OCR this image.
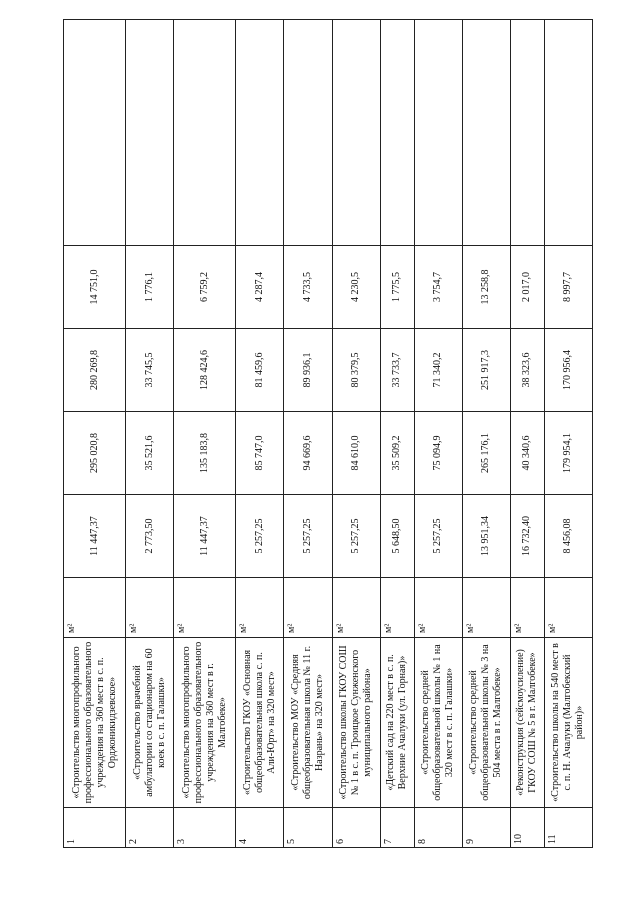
1	«Строительство многопрофильного профессионального образовательного учреждения на 360 мест в с. п. Орджоникидзевское»	м²	11 447,37	295 020,8	280 269,8	14 751,0	
2	«Строительство врачебной амбулатории со стационаром на 60 коек в с. п. Галашки»	м²	2 773,50	35 521,6	33 745,5	1 776,1	
3	«Строительство многопрофильного профессионального образовательного учреждения на 360 мест в г. Малгобеке»	м²	11 447,37	135 183,8	128 424,6	6 759,2	
4	«Строительство ГКОУ «Основная общеобразовательная школа с. п. Али-Юрт» на 320 мест»	м²	5 257,25	85 747,0	81 459,6	4 287,4	
5	«Строительство МОУ «Средняя общеобразовательная школа № 11 г. Назрань» на 320 мест»	м²	5 257,25	94 669,6	89 936,1	4 733,5	
6	«Строительство школы ГКОУ СОШ № 1 в с. п. Троицкое Сунженского муниципального района»	м²	5 257,25	84 610,0	80 379,5	4 230,5	
7	«Детский сад на 220 мест в с. п. Верхние Ачалуки (ул. Горная)»	м²	5 648,50	35 509,2	33 733,7	1 775,5	
8	«Строительство средней общеобразовательной школы № 1 на 320 мест в с. п. Галашки»	м²	5 257,25	75 094,9	71 340,2	3 754,7	
9	«Строительство средней общеобразовательной школы № 3 на 504 места в г. Малгобеке»	м²	13 951,34	265 176,1	251 917,3	13 258,8	
10	«Реконструкция (сейсмоусиление) ГКОУ СОШ № 5 в г. Малгобеке»	м²	16 732,40	40 340,6	38 323,6	2 017,0	
11	«Строительство школы на 540 мест в с. п. Н. Ачалуки (Малгобекский район)»	м²	8 456,08	179 954,1	170 956,4	8 997,7	
